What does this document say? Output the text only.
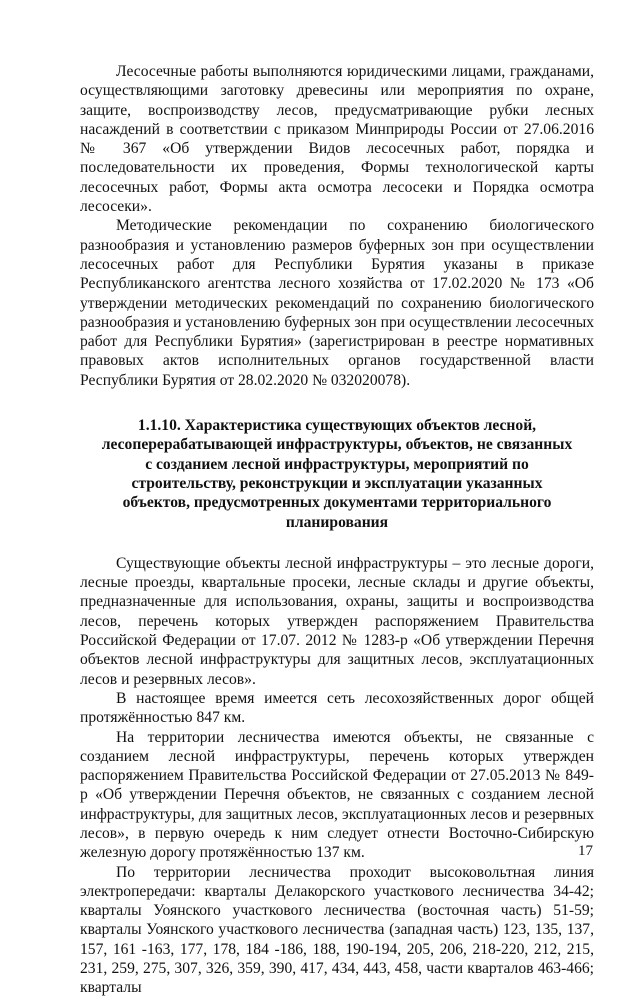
Лесосечные работы выполняются юридическими лицами, гражданами, осуществляющими заготовку древесины или мероприятия по охране, защите, воспроизводству лесов, предусматривающие рубки лесных насаждений в соответствии с приказом Минприроды России от 27.06.2016 № 367 «Об утверждении Видов лесосечных работ, порядка и последовательности их проведения, Формы технологической карты лесосечных работ, Формы акта осмотра лесосеки и Порядка осмотра лесосеки».

Методические рекомендации по сохранению биологического разнообразия и установлению размеров буферных зон при осуществлении лесосечных работ для Республики Бурятия указаны в приказе Республиканского агентства лесного хозяйства от 17.02.2020 № 173 «Об утверждении методических рекомендаций по сохранению биологического разнообразия и установлению буферных зон при осуществлении лесосечных работ для Республики Бурятия» (зарегистрирован в реестре нормативных правовых актов исполнительных органов государственной власти Республики Бурятия от 28.02.2020 № 032020078).

1.1.10. Характеристика существующих объектов лесной, лесоперерабатывающей инфраструктуры, объектов, не связанных с созданием лесной инфраструктуры, мероприятий по строительству, реконструкции и эксплуатации указанных объектов, предусмотренных документами территориального планирования

Существующие объекты лесной инфраструктуры – это лесные дороги, лесные проезды, квартальные просеки, лесные склады и другие объекты, предназначенные для использования, охраны, защиты и воспроизводства лесов, перечень которых утвержден распоряжением Правительства Российской Федерации от 17.07. 2012 № 1283-р «Об утверждении Перечня объектов лесной инфраструктуры для защитных лесов, эксплуатационных лесов и резервных лесов».

В настоящее время имеется сеть лесохозяйственных дорог общей протяжённостью 847 км.

На территории лесничества имеются объекты, не связанные с созданием лесной инфраструктуры, перечень которых утвержден распоряжением Правительства Российской Федерации от 27.05.2013 № 849-р «Об утверждении Перечня объектов, не связанных с созданием лесной инфраструктуры, для защитных лесов, эксплуатационных лесов и резервных лесов», в первую очередь к ним следует отнести Восточно-Сибирскую железную дорогу протяжённостью 137 км.

По территории лесничества проходит высоковольтная линия электропередачи: кварталы Делакорского участкового лесничества 34-42; кварталы Уоянского участкового лесничества (восточная часть) 51-59; кварталы Уоянского участкового лесничества (западная часть) 123, 135, 137, 157, 161 -163, 177, 178, 184 -186, 188, 190-194, 205, 206, 218-220, 212, 215, 231, 259, 275, 307, 326, 359, 390, 417, 434, 443, 458, части кварталов 463-466; кварталы

17
